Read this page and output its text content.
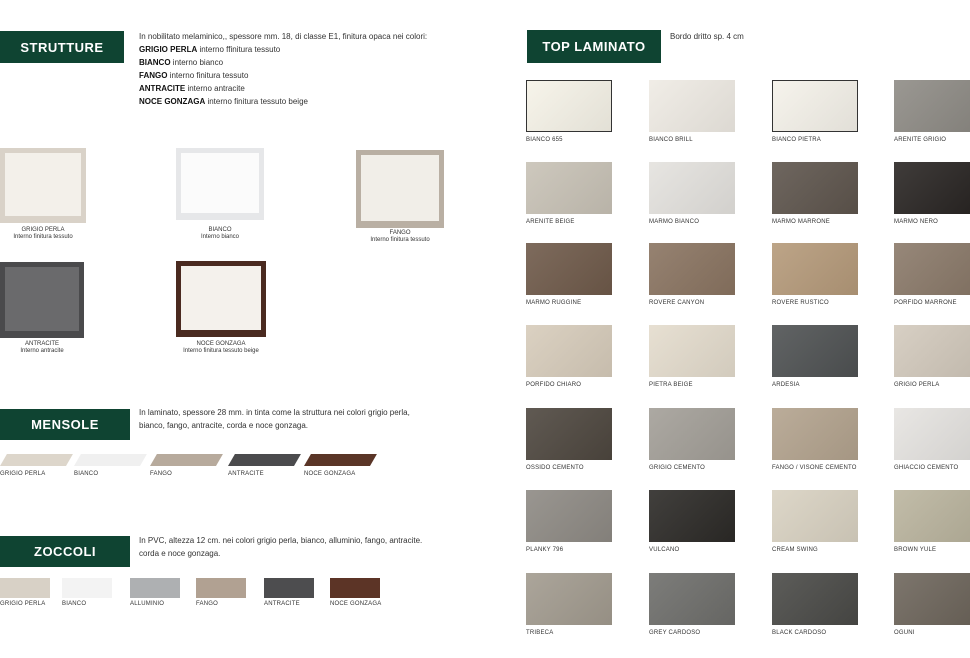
STRUTTURE
In nobilitato melaminico,, spessore mm. 18, di classe E1, finitura opaca nei colori:
GRIGIO PERLA interno ffinitura tessuto
BIANCO interno bianco
FANGO interno finitura tessuto
ANTRACITE interno antracite
NOCE GONZAGA interno finitura tessuto beige
GRIGIO PERLA
Interno finitura tessuto
BIANCO
Interno bianco
FANGO
Interno finitura tessuto
ANTRACITE
Interno antracite
NOCE GONZAGA
Interno finitura tessuto beige
MENSOLE
In laminato, spessore 28 mm. in tinta come la struttura nei colori grigio perla,
bianco, fango, antracite, corda e noce gonzaga.
GRIGIO PERLA	BIANCO	FANGO	ANTRACITE	NOCE GONZAGA
ZOCCOLI
In PVC, altezza 12 cm. nei colori grigio perla, bianco, alluminio, fango, antracite.
corda e noce gonzaga.
GRIGIO PERLA	BIANCO	ALLUMINIO	FANGO	ANTRACITE	NOCE GONZAGA
TOP LAMINATO
Bordo dritto sp. 4 cm
BIANCO 655	BIANCO BRILL	BIANCO PIETRA	ARENITE GRIGIO
ARENITE BEIGE	MARMO BIANCO	MARMO MARRONE	MARMO NERO
MARMO RUGGINE	ROVERE CANYON	ROVERE RUSTICO	PORFIDO MARRONE
PORFIDO CHIARO	PIETRA BEIGE	ARDESIA	GRIGIO PERLA
OSSIDO CEMENTO	GRIGIO CEMENTO	FANGO / VISONE CEMENTO	GHIACCIO CEMENTO
PLANKY 796	VULCANO	CREAM SWING	BROWN YULE
TRIBECA	GREY CARDOSO	BLACK CARDOSO	OGUNI
